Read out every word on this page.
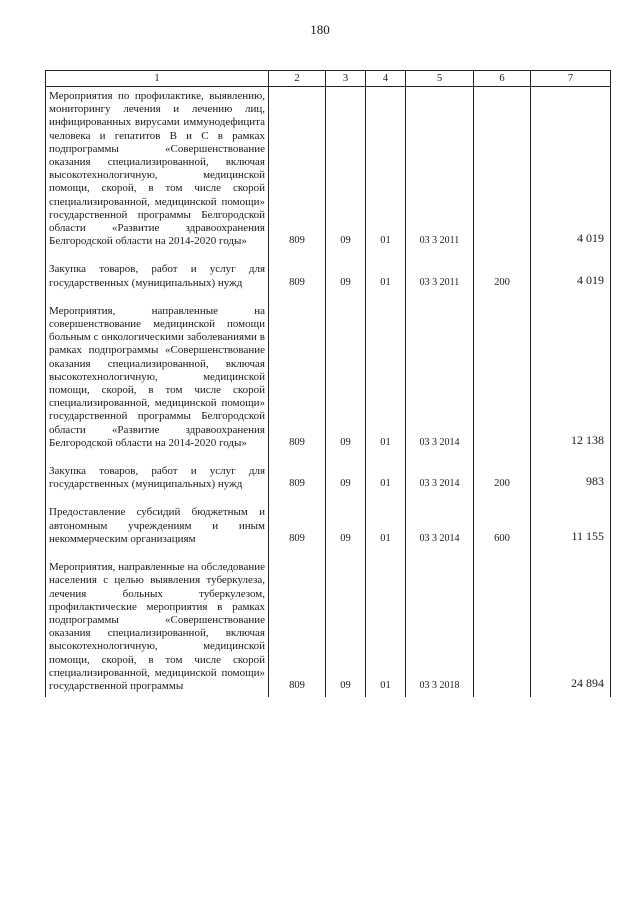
180
1	2	3	4	5	6	7
Мероприятия по профилактике, выявлению, мониторингу лечения и лечению лиц, инфицированных вирусами иммунодефицита человека и гепатитов В и С в рамках подпрограммы «Совершенствование оказания специализированной, включая высокотехнологичную, медицинской помощи, скорой, в том числе скорой специализированной, медицинской помощи» государственной программы Белгородской области «Развитие здравоохранения Белгородской области на 2014-2020 годы»	809	09	01	03 3 2011		4 019

Закупка товаров, работ и услуг для государственных (муниципальных) нужд	809	09	01	03 3 2011	200	4 019

Мероприятия, направленные на совершенствование медицинской помощи больным с онкологическими заболеваниями в рамках подпрограммы «Совершенствование оказания специализированной, включая высокотехнологичную, медицинской помощи, скорой, в том числе скорой специализированной, медицинской помощи» государственной программы Белгородской области «Развитие здравоохранения Белгородской области на 2014-2020 годы»	809	09	01	03 3 2014		12 138

Закупка товаров, работ и услуг для государственных (муниципальных) нужд	809	09	01	03 3 2014	200	983

Предоставление субсидий бюджетным и автономным учреждениям и иным некоммерческим организациям	809	09	01	03 3 2014	600	11 155

Мероприятия, направленные на обследование населения с целью выявления туберкулеза, лечения больных туберкулезом, профилактические мероприятия в рамках подпрограммы «Совершенствование оказания специализированной, включая высокотехнологичную, медицинской помощи, скорой, в том числе скорой специализированной, медицинской помощи» государственной программы	809	09	01	03 3 2018		24 894
